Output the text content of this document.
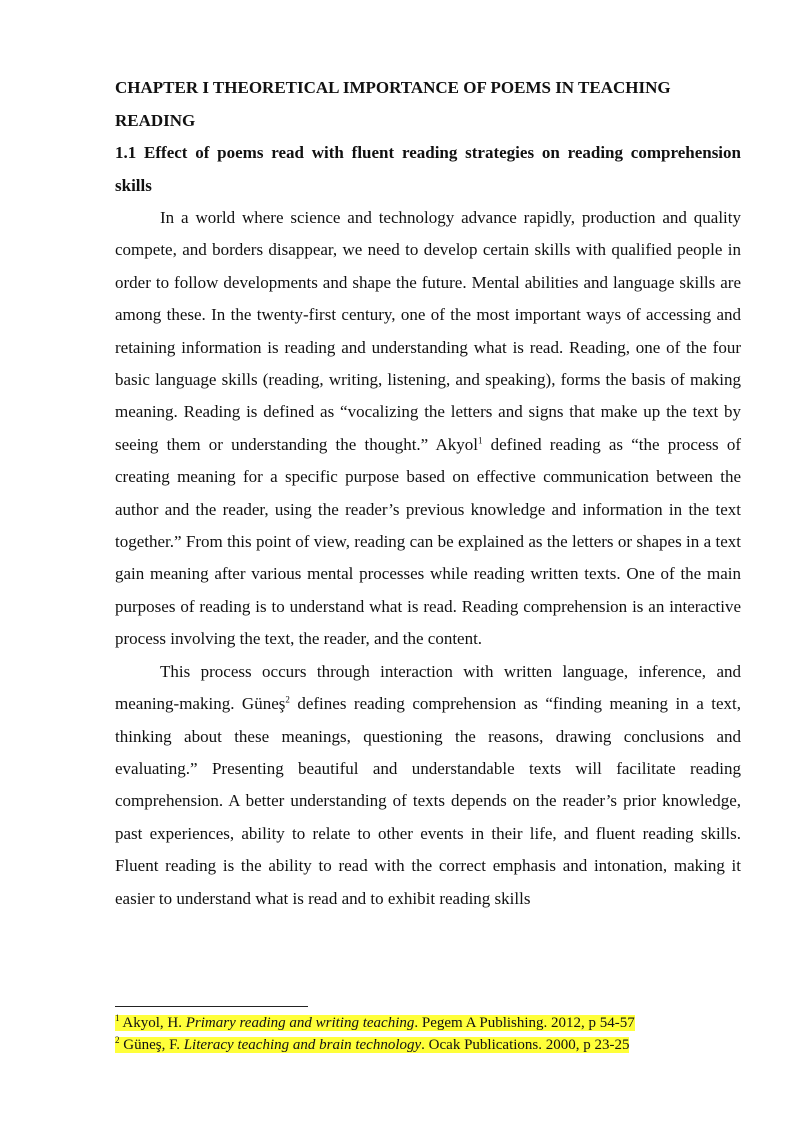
CHAPTER I THEORETICAL IMPORTANCE OF POEMS IN TEACHING READING
1.1 Effect of poems read with fluent reading strategies on reading comprehension skills

In a world where science and technology advance rapidly, production and quality compete, and borders disappear, we need to develop certain skills with qualified people in order to follow developments and shape the future. Mental abilities and language skills are among these. In the twenty-first century, one of the most important ways of accessing and retaining information is reading and understanding what is read. Reading, one of the four basic language skills (reading, writing, listening, and speaking), forms the basis of making meaning. Reading is defined as “vocalizing the letters and signs that make up the text by seeing them or understanding the thought.” Akyol$^1$ defined reading as “the process of creating meaning for a specific purpose based on effective communication between the author and the reader, using the reader’s previous knowledge and information in the text together.” From this point of view, reading can be explained as the letters or shapes in a text gain meaning after various mental processes while reading written texts. One of the main purposes of reading is to understand what is read. Reading comprehension is an interactive process involving the text, the reader, and the content.

This process occurs through interaction with written language, inference, and meaning-making. Güneş$^2$ defines reading comprehension as “finding meaning in a text, thinking about these meanings, questioning the reasons, drawing conclusions and evaluating.” Presenting beautiful and understandable texts will facilitate reading comprehension. A better understanding of texts depends on the reader’s prior knowledge, past experiences, ability to relate to other events in their life, and fluent reading skills. Fluent reading is the ability to read with the correct emphasis and intonation, making it easier to understand what is read and to exhibit reading skills

$^1$ Akyol, H. Primary reading and writing teaching. Pegem A Publishing. 2012, p 54-57

$^2$ Güneş, F. Literacy teaching and brain technology. Ocak Publications. 2000, p 23-25
